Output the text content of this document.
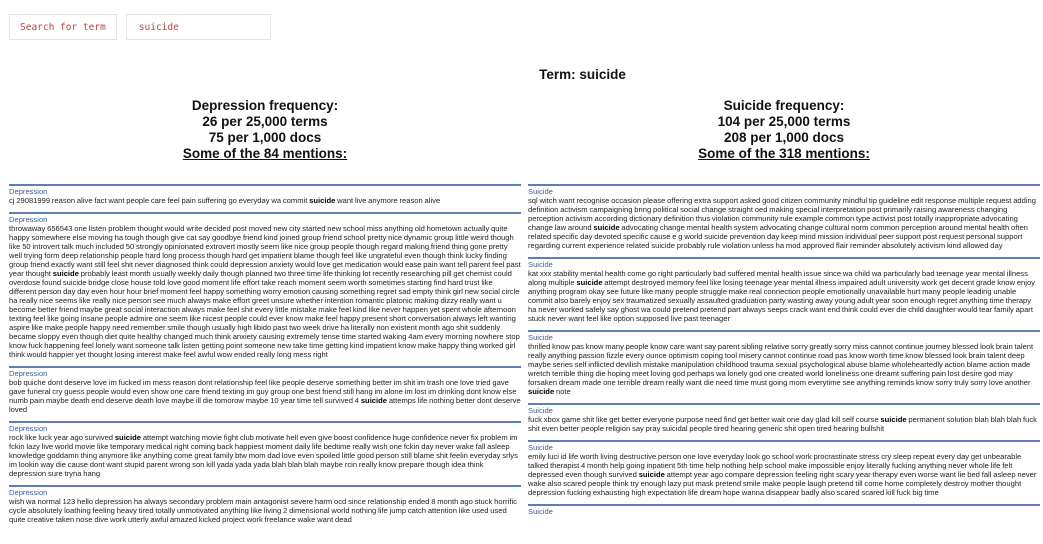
Search for term
suicide
Term: suicide
Depression frequency:
26 per 25,000 terms
75 per 1,000 docs
Some of the 84 mentions:
Suicide frequency:
104 per 25,000 terms
208 per 1,000 docs
Some of the 318 mentions:
Depression
cj 29081999 reason alive fact want people care feel pain suffering go everyday wa commit suicide want live anymore reason alive
Depression
throwaway 656543 one listen problem thought would write decided post moved new city started new school miss anything old hometown actually quite happy somewhere else moving ha tough though give cat say goodbye friend kind joined group friend school pretty nice dynamic group little weird though like 50 introvert talk much included 50 strongly opinionated extrovert mostly seem like nice group people though regard making friend thing gone pretty well trying form deep relationship people hard long process though hard get impatient blame though feel like ungrateful even though think lucky finding group friend exactly want still feel shit never diagnosed think could depression anxiety would love get medication would ease pain want tell parent feel past year thought suicide probably least month usually weekly daily though planned two three time life thinking lot recently researching pill get chemist could overdose found suicide bridge close house told love good moment life effort take reach moment seem worth sometimes starting find hard trust like different person day day even hour hour brief moment feel happy something worry emotion causing something regret sad empty think girl new social circle ha really nice seems like really nice person see much always make effort greet unsure whether intention romantic platonic making dizzy really want u become better friend maybe great social interaction always make feel shit every little mistake make feel kind like never happen yet spent whole afternoon texting feel like going insane people admire one seem like nicest people could ever know make feel happy present short conversation always left wanting aspire like make people happy need remember smile though usually high libido past two week drive ha literally non existent month ago shit suddenly became sloppy even though diet quite healthy changed much think anxiety causing extremely tense time started waking 4am every morning nowhere stop know fuck happening feel lonely want someone talk listen getting point someone new take time getting kind impatient know make happy thing worked girl think would happier yet thought losing interest make feel awful wow ended really long mess right
Depression
bob quiche dont deserve love im fucked im mess reason dont relationship feel like people deserve something better im shit im trash one love tried gave gave funeral cry guess people would even show one care friend texting im guy group one best friend still hang im alone im lost im drinking dont know else numb pain maybe death end deserve death love maybe ill die tomorow maybe 10 year time tell survived 4 suicide attemps life nothing better dont deserve loved
Depression
rock like luck year ago survived suicide attempt watching movie fight club motivate hell even give boost confidence huge confidence never fix problem im fckin lazy live world movie like temporary medical right coming back happiest moment daily life bedtime really wish one fckin day never wake fall asleep knowledge goddamn thing anymore like anything come great family btw mom dad love even spoiled little good person still blame shit feelin everyday srlys im lookin way die cause dont want stupid parent wrong son kill yada yada yada blah blah blah maybe rcin really know prepare though idea think depression sure tryna hang
Depression
wish wa normal 123 hello depression ha always secondary problem main antagonist severe harm ocd since relationship ended 8 month ago stuck horrific cycle absolutely loathing feeling heavy tired totally unmotivated anything like living 2 dimensional world nothing life jump catch attention like used used quite creative taken nose dive work utterly awful amazed kicked project work freelance wake want dead
Suicide
sql witch want recognise occasion please offering extra support asked good citizen community mindful tip guideline edit response multiple request adding definition activism campaigning bring political social change straight oed making special interpretation post primarily raising awareness changing perception activism according dictionary definition thus violation community rule example common type activist post totally inappropriate advocating change law around suicide advocating change mental health system advocating change cultural norm common perception around mental health often related specific day devoted specific cause e g world suicide prevention day keep mind mission individual peer support post request personal support regarding current experience related suicide probably rule violation unless ha mod approved flair reminder absolutely activism kind allowed day
Suicide
kat xxx stability mental health come go right particularly bad suffered mental health issue since wa child wa particularly bad teenage year mental illness along multiple suicide attempt destroyed memory feel like losing teenage year mental illness impaired adult university work get decent grade know enjoy anything program okay see future like many people struggle make real connection people emotionally unavailable hurt many people leading unable commit also barely enjoy sex traumatized sexually assaulted graduation party wasting away young adult year soon enough regret anything time therapy ha never worked safely say ghost wa could pretend pretend part always seeps crack want end think could ever die child daughter would tear family apart stuck never want feel like option supposed live past teenager
Suicide
thrilled know pas know many people know care want say parent sibling relative sorry greatly sorry miss cannot continue journey blessed look brain talent really anything passion fizzle every ounce optimism coping tool misery cannot continue road pas know worth time know blessed look brain talent deep maybe series self inflicted devilish mistake manipulation childhood trauma sexual psychological abuse blame wholeheartedly action blame action made wretch terrible thing die hoping meet loving god perhaps wa lonely god one created world loneliness one dreamt suffering pain lost desire god may forsaken dream made one terrible dream really want die need time must going mom everytime see anything reminds know sorry truly sorry love another suicide note
Suicide
fuck xbox game shit like get better everyone purpose need find get better wait one day glad kill self course suicide permanent solution blah blah blah fuck shit even better people religion say pray suicidal people tired hearing generic shit open tired hearing bullshit
Suicide
emily luci id life worth living destructive person one love everyday look go school work procrastinate stress cry sleep repeat every day get unbearable talked therapist 4 month help going inpatient 5th time help nothing help school make impossible enjoy literally fucking anything never whole life felt depressed even though survived suicide attempt year ago compare depression feeling right scary year therapy even worse want lie bed fall asleep never wake also scared people think try enough lazy put mask pretend smile make people laugh pretend till come home completely destroy mother thought depression fucking exhausting high expectation life dream hope wanna disappear badly also scared scared kill fuck big time
Suicide
